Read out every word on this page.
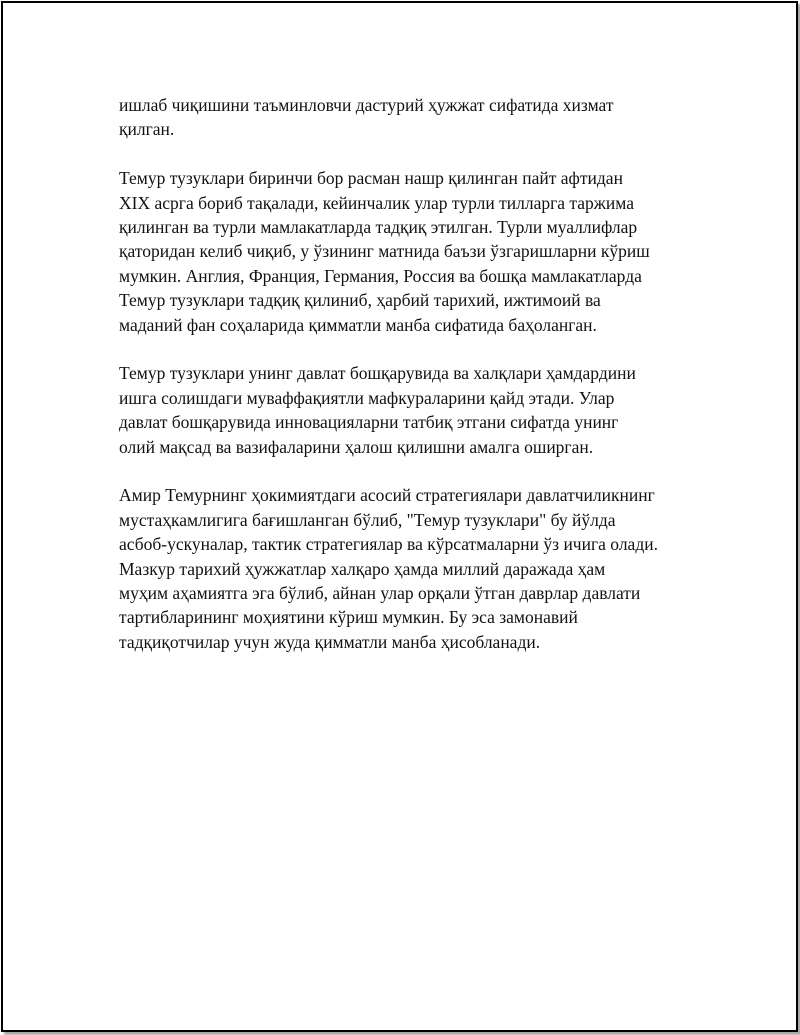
ишлаб чиқишини таъминловчи дастурий ҳужжат сифатида хизмат
қилган.

Темур тузуклари биринчи бор расман нашр қилинган пайт афтидан
XIX асрга бориб тақалади, кейинчалик улар турли тилларга таржима
қилинган ва турли мамлакатларда тадқиқ этилган. Турли муаллифлар
қаторидан келиб чиқиб, у ўзининг матнида баъзи ўзгаришларни кўриш
мумкин. Англия, Франция, Германия, Россия ва бошқа мамлакатларда
Темур тузуклари тадқиқ қилиниб, ҳарбий тарихий, ижтимоий ва
маданий фан соҳаларида қимматли манба сифатида баҳоланган.

Темур тузуклари унинг давлат бошқарувида ва халқлари ҳамдардини
ишга солишдаги муваффақиятли мафкураларини қайд этади. Улар
давлат бошқарувида инновацияларни татбиқ этгани сифатда унинг
олий мақсад ва вазифаларини ҳалош қилишни амалга оширган.

Амир Темурнинг ҳокимиятдаги асосий стратегиялари давлатчиликнинг
мустаҳкамлигига бағишланган бўлиб, "Темур тузуклари" бу йўлда
асбоб-ускуналар, тактик стратегиялар ва кўрсатмаларни ўз ичига олади.
Мазкур тарихий ҳужжатлар халқаро ҳамда миллий даражада ҳам
муҳим аҳамиятга эга бўлиб, айнан улар орқали ўтган даврлар давлати
тартибларининг моҳиятини кўриш мумкин. Бу эса замонавий
тадқиқотчилар учун жуда қимматли манба ҳисобланади.
